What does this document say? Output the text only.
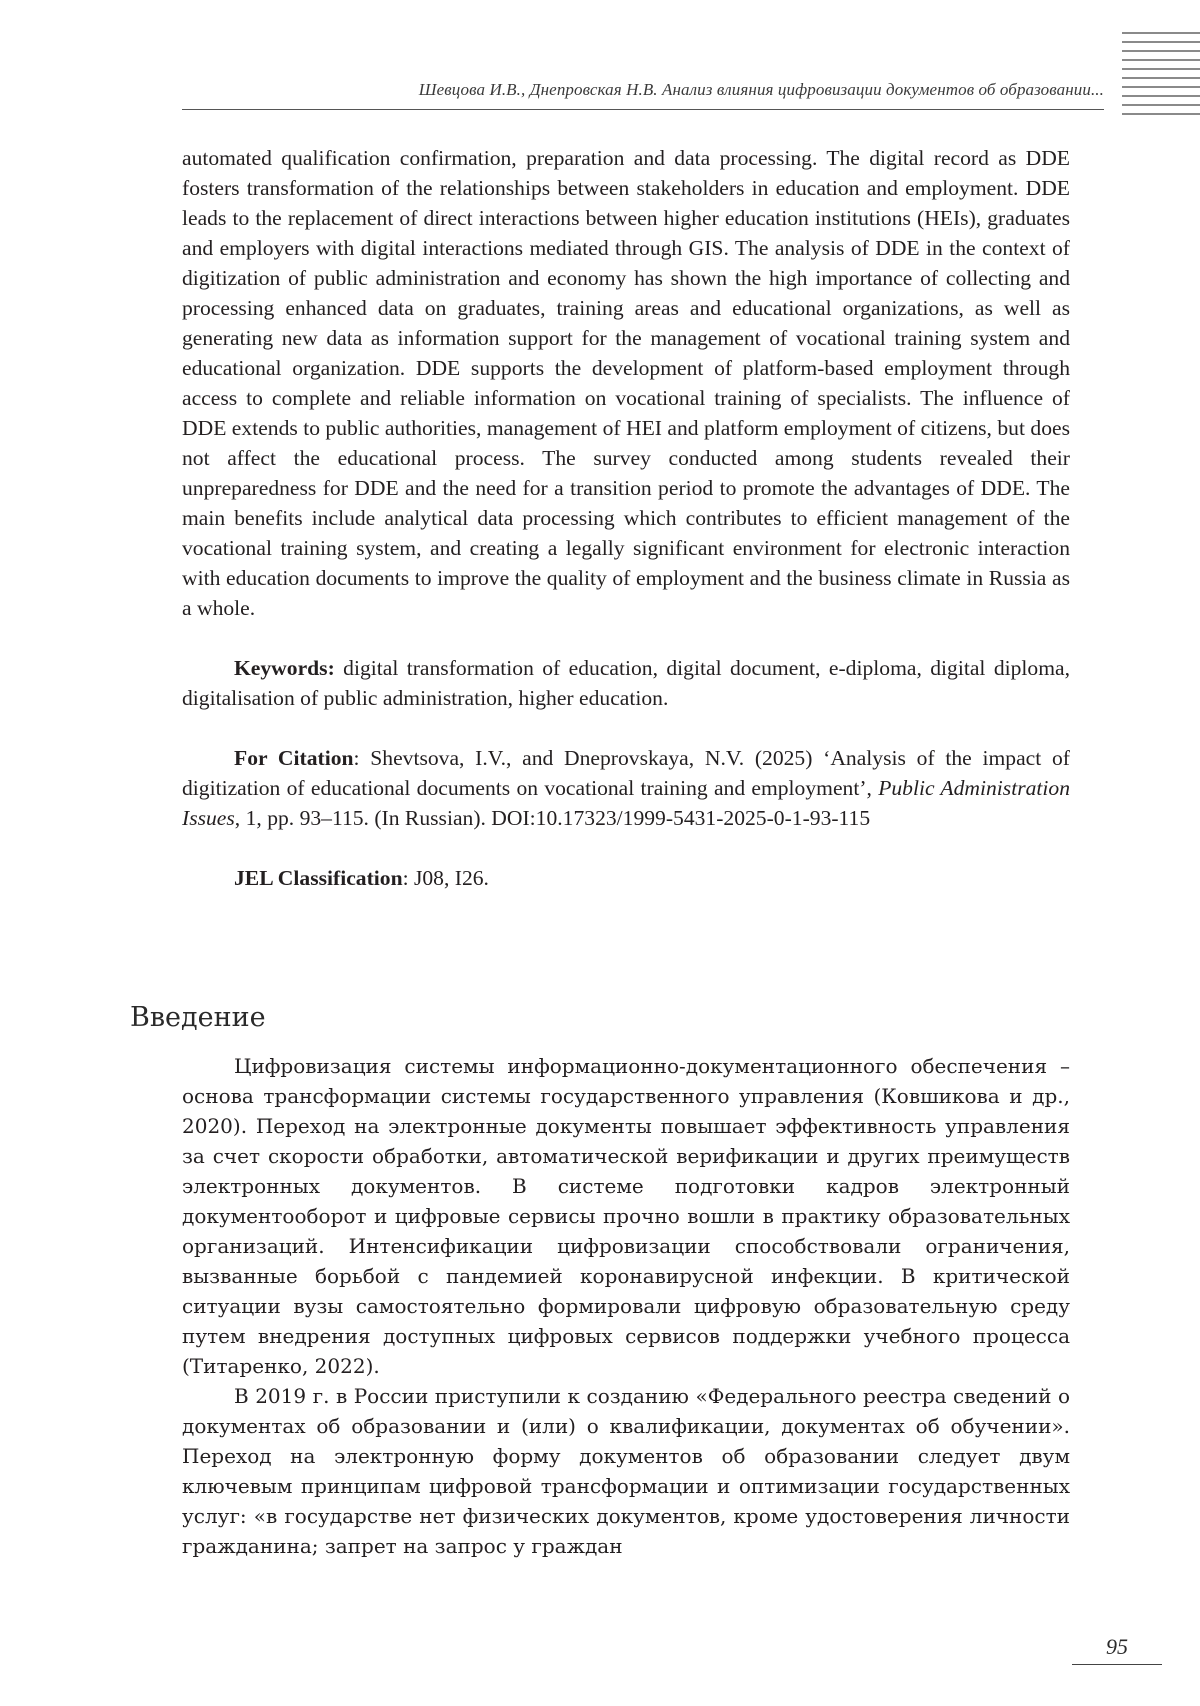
Шевцова И.В., Днепровская Н.В. Анализ влияния цифровизации документов об образовании...

automated qualification confirmation, preparation and data processing. The digital record as DDE fosters transformation of the relationships between stakeholders in education and employment. DDE leads to the replacement of direct interactions between higher education institutions (HEIs), graduates and employers with digital interactions mediated through GIS. The analysis of DDE in the context of digitization of public administration and economy has shown the high importance of collecting and processing enhanced data on graduates, training areas and educational organizations, as well as generating new data as information support for the management of vocational training system and educational organization. DDE supports the development of platform-based employment through access to complete and reliable information on vocational training of specialists. The influence of DDE extends to public authorities, management of HEI and platform employment of citizens, but does not affect the educational process. The survey conducted among students revealed their unpreparedness for DDE and the need for a transition period to promote the advantages of DDE. The main benefits include analytical data processing which contributes to efficient management of the vocational training system, and creating a legally significant environment for electronic interaction with education documents to improve the quality of employment and the business climate in Russia as a whole.

Keywords: digital transformation of education, digital document, e-diploma, digital diploma, digitalisation of public administration, higher education.

For Citation: Shevtsova, I.V., and Dneprovskaya, N.V. (2025) ‘Analysis of the impact of digitization of educational documents on vocational training and employment’, Public Administration Issues, 1, pp. 93–115. (In Russian). DOI:10.17323/1999-5431-2025-0-1-93-115

JEL Classification: J08, I26.

Введение

Цифровизация системы информационно-документационного обеспечения – основа трансформации системы государственного управления (Ковшикова и др., 2020). Переход на электронные документы повышает эффективность управления за счет скорости обработки, автоматической верификации и других преимуществ электронных документов. В системе подготовки кадров электронный документооборот и цифровые сервисы прочно вошли в практику образовательных организаций. Интенсификации цифровизации способствовали ограничения, вызванные борьбой с пандемией коронавирусной инфекции. В критической ситуации вузы самостоятельно формировали цифровую образовательную среду путем внедрения доступных цифровых сервисов поддержки учебного процесса (Титаренко, 2022).

В 2019 г. в России приступили к созданию «Федерального реестра сведений о документах об образовании и (или) о квалификации, документах об обучении». Переход на электронную форму документов об образовании следует двум ключевым принципам цифровой трансформации и оптимизации государственных услуг: «в государстве нет физических документов, кроме удостоверения личности гражданина; запрет на запрос у граждан

95
